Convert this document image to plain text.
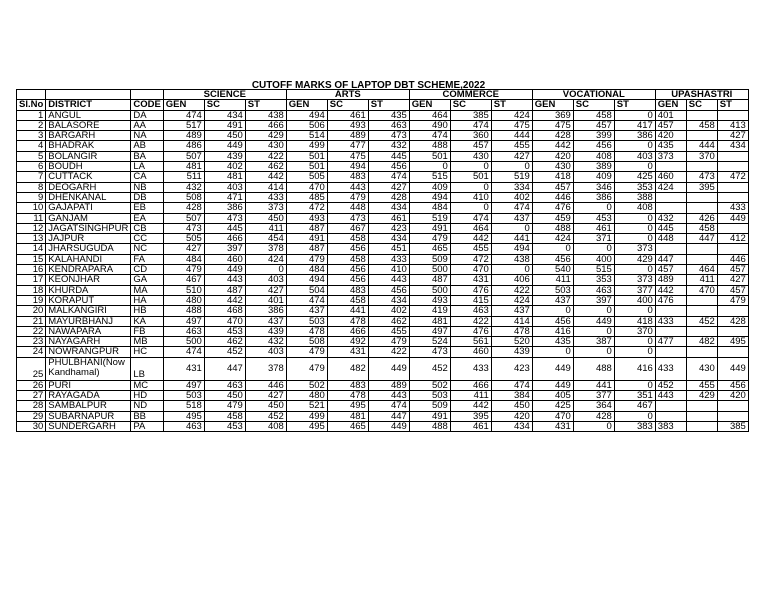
CUTOFF MARKS OF LAPTOP DBT SCHEME,2022
			SCIENCE			ARTS			COMMERCE			VOCATIONAL			UPASHASTRI		
Sl.No	DISTRICT	CODE	GEN	SC	ST	GEN	SC	ST	GEN	SC	ST	GEN	SC	ST	GEN	SC	ST
1	ANGUL	DA	474	434	438	494	461	435	464	385	424	369	458	0	401		
2	BALASORE	AA	517	491	466	506	493	463	490	474	475	475	457	417	457	458	413
3	BARGARH	NA	489	450	429	514	489	473	474	360	444	428	399	386	420		427
4	BHADRAK	AB	486	449	430	499	477	432	488	457	455	442	456	0	435	444	434
5	BOLANGIR	BA	507	439	422	501	475	445	501	430	427	420	408	403	373	370	
6	BOUDH	LA	481	402	462	501	494	456	0	0	0	430	389	0			
7	CUTTACK	CA	511	481	442	505	483	474	515	501	519	418	409	425	460	473	472
8	DEOGARH	NB	432	403	414	470	443	427	409	0	334	457	346	353	424	395	
9	DHENKANAL	DB	508	471	433	485	479	428	494	410	402	446	386	388			
10	GAJAPATI	EB	428	386	373	472	448	434	484	0	474	476	0	408			433
11	GANJAM	EA	507	473	450	493	473	461	519	474	437	459	453	0	432	426	449
12	JAGATSINGHPUR	CB	473	445	411	487	467	423	491	464	0	488	461	0	445	458	
13	JAJPUR	CC	505	466	454	491	458	434	479	442	441	424	371	0	448	447	412
14	JHARSUGUDA	NC	427	397	378	487	456	451	465	455	494	0	0	373			
15	KALAHANDI	FA	484	460	424	479	458	433	509	472	438	456	400	429	447		446
16	KENDRAPARA	CD	479	449	0	484	456	410	500	470	0	540	515	0	457	464	457
17	KEONJHAR	GA	467	443	403	494	456	443	487	431	406	411	353	373	489	411	427
18	KHURDA	MA	510	487	427	504	483	456	500	476	422	503	463	377	442	470	457
19	KORAPUT	HA	480	442	401	474	458	434	493	415	424	437	397	400	476		479
20	MALKANGIRI	HB	488	468	386	437	441	402	419	463	437	0	0	0			
21	MAYURBHANJ	KA	497	470	437	503	478	462	481	422	414	456	449	418	433	452	428
22	NAWAPARA	FB	463	453	439	478	466	455	497	476	478	416	0	370			
23	NAYAGARH	MB	500	462	432	508	492	479	524	561	520	435	387	0	477	482	495
24	NOWRANGPUR	HC	474	452	403	479	431	422	473	460	439	0	0	0			
25	PHULBHANI(Now Kandhamal)	LB	431	447	378	479	482	449	452	433	423	449	488	416	433	430	449
26	PURI	MC	497	463	446	502	483	489	502	466	474	449	441	0	452	455	456
27	RAYAGADA	HD	503	450	427	480	478	443	503	411	384	405	377	351	443	429	420
28	SAMBALPUR	ND	518	479	450	521	495	474	509	442	450	425	364	467			
29	SUBARNAPUR	BB	495	458	452	499	481	447	491	395	420	470	428	0			
30	SUNDERGARH	PA	463	453	408	495	465	449	488	461	434	431	0	383	383		385
